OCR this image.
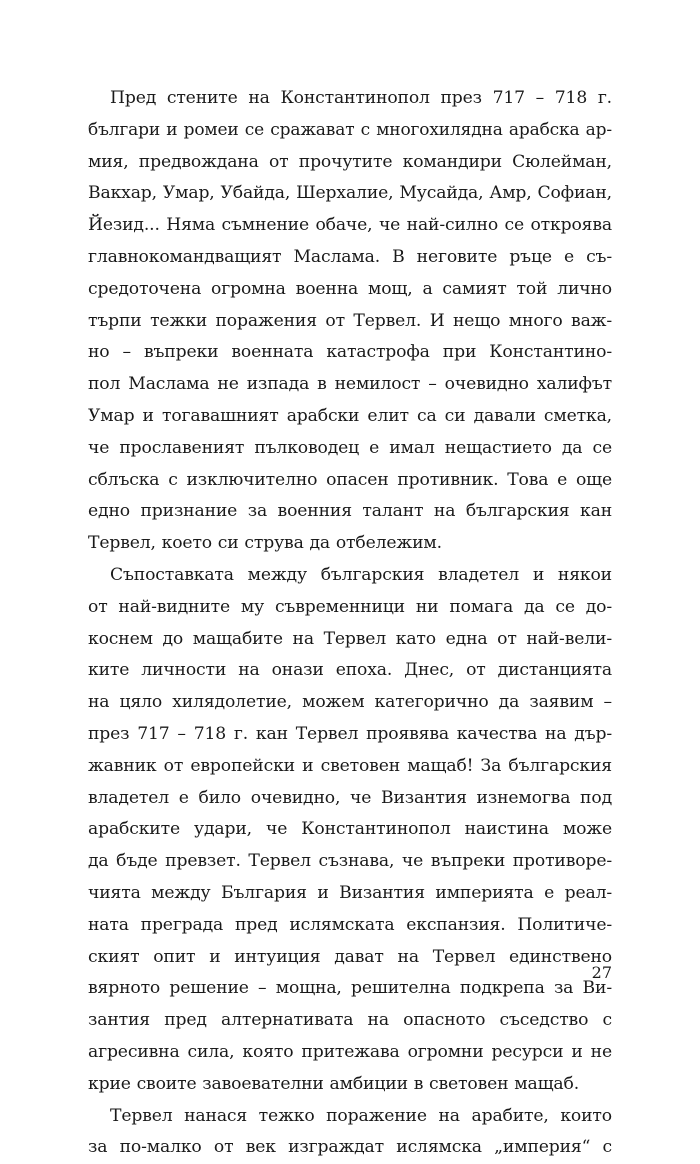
Пред стените на Константинопол през 717 – 718 г.
българи и ромеи се сражават с многохилядна арабска ар-
мия, предвождана от прочутите командири Сюлейман,
Вакхар, Умар, Убайда, Шерхалие, Мусайда, Амр, Софиан,
Йезид... Няма съмнение обаче, че най-силно се откроява
главнокомандващият Маслама. В неговите ръце е съ-
средоточена огромна военна мощ, а самият той лично
търпи тежки поражения от Тервел. И нещо много важ-
но – въпреки военната катастрофа при Константино-
пол Маслама не изпада в немилост – очевидно халифът
Умар и тогавашният арабски елит са си давали сметка,
че прославеният пълководец е имал нещастието да се
сблъска с изключително опасен противник. Това е още
едно признание за военния талант на българския кан
Тервел, което си струва да отбележим.

Съпоставката между българския владетел и някои
от най-видните му съвременници ни помага да се до-
коснем до мащабите на Тервел като една от най-вели-
ките личности на онази епоха. Днес, от дистанцията
на цяло хилядолетие, можем категорично да заявим –
през 717 – 718 г. кан Тервел проявява качества на дър-
жавник от европейски и световен мащаб! За българския
владетел е било очевидно, че Византия изнемогва под
арабските удари, че Константинопол наистина може
да бъде превзет. Тервел съзнава, че въпреки противоре-
чията между България и Византия империята е реал-
ната преграда пред ислямската експанзия. Политиче-
ският опит и интуиция дават на Тервел единствено
вярното решение – мощна, решителна подкрепа за Ви-
зантия пред алтернативата на опасното съседство с
агресивна сила, която притежава огромни ресурси и не
крие своите завоевателни амбиции в световен мащаб.

Тервел нанася тежко поражение на арабите, които
за по-малко от век изграждат ислямска „империя“ с

27
